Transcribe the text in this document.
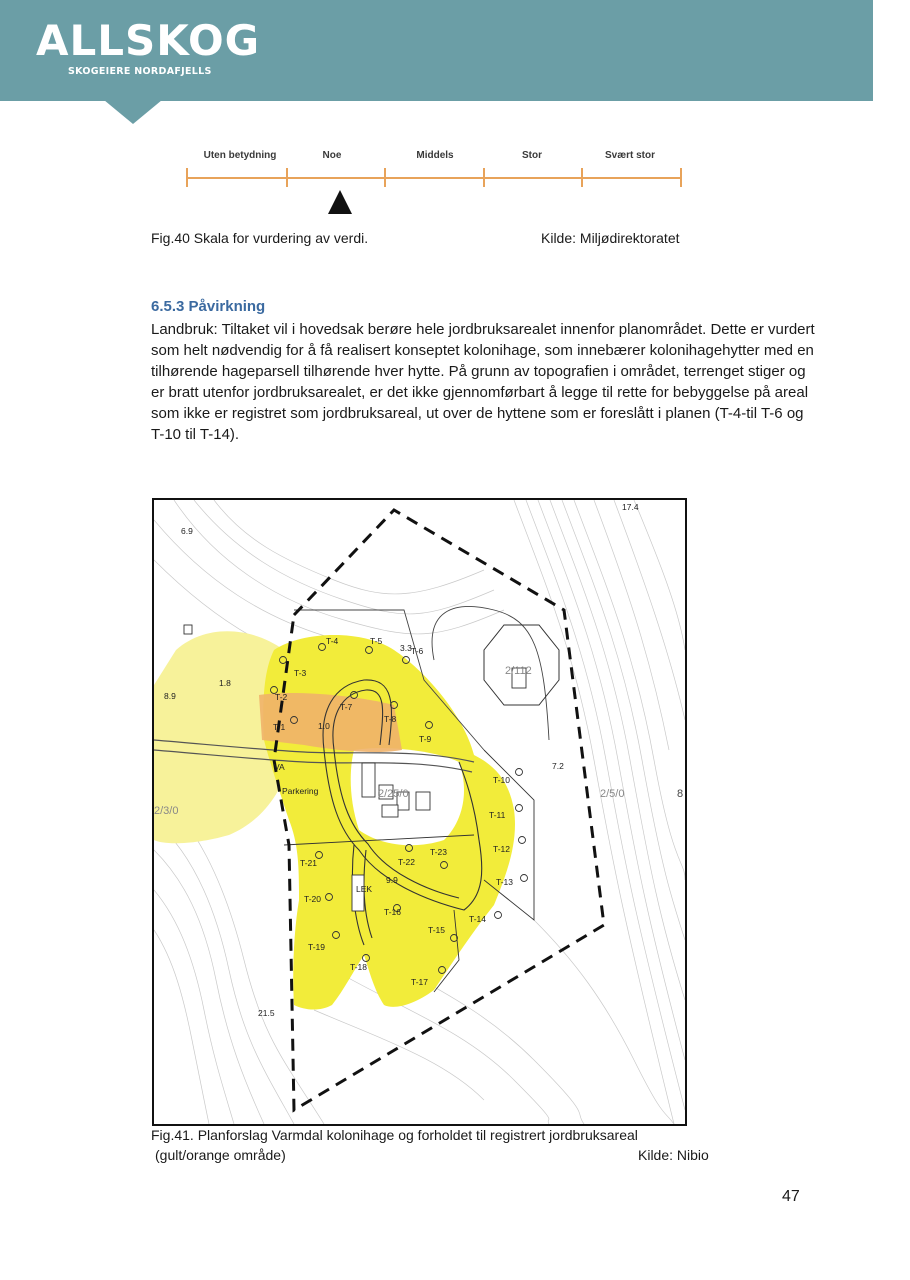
ALLSKOG
SKOGEIERE NORDAFJELLS
Uten betydning	Noe	Middels	Stor	Svært stor
Fig.40 Skala for vurdering av verdi.	Kilde: Miljødirektoratet
6.5.3 Påvirkning

Landbruk: Tiltaket vil i hovedsak berøre hele jordbruksarealet innenfor planområdet. Dette er vurdert som helt nødvendig for å få realisert konseptet kolonihage, som innebærer kolonihagehytter med en tilhørende hageparsell tilhørende hver hytte. På grunn av topografien i området, terrenget stiger og er bratt utenfor jordbruksarealet, er det ikke gjennomførbart å legge til rette for bebyggelse på areal som ikke er registret som jordbruksareal, ut over de hyttene som er foreslått i planen (T-4-til T-6 og T-10 til T-14).

T-1
T-2
T-3
T-4	T-5
T-6
T-7
T-8
T-9
T-10
T-11
T-12
T-13
T-14
T-15
T-16
T-17
T-18
T-19
T-20
T-21	T-22
T-23
VA
Parkering
LEK
17.4
6.9
3.3
1.8
8.9
1.0
7.2
9.9
21.5
2/25/0	2/5/0
2/3/0
2/112
8
Fig.41. Planforslag Varmdal kolonihage og forholdet til registrert jordbruksareal
(gult/orange område)	Kilde: Nibio
47
